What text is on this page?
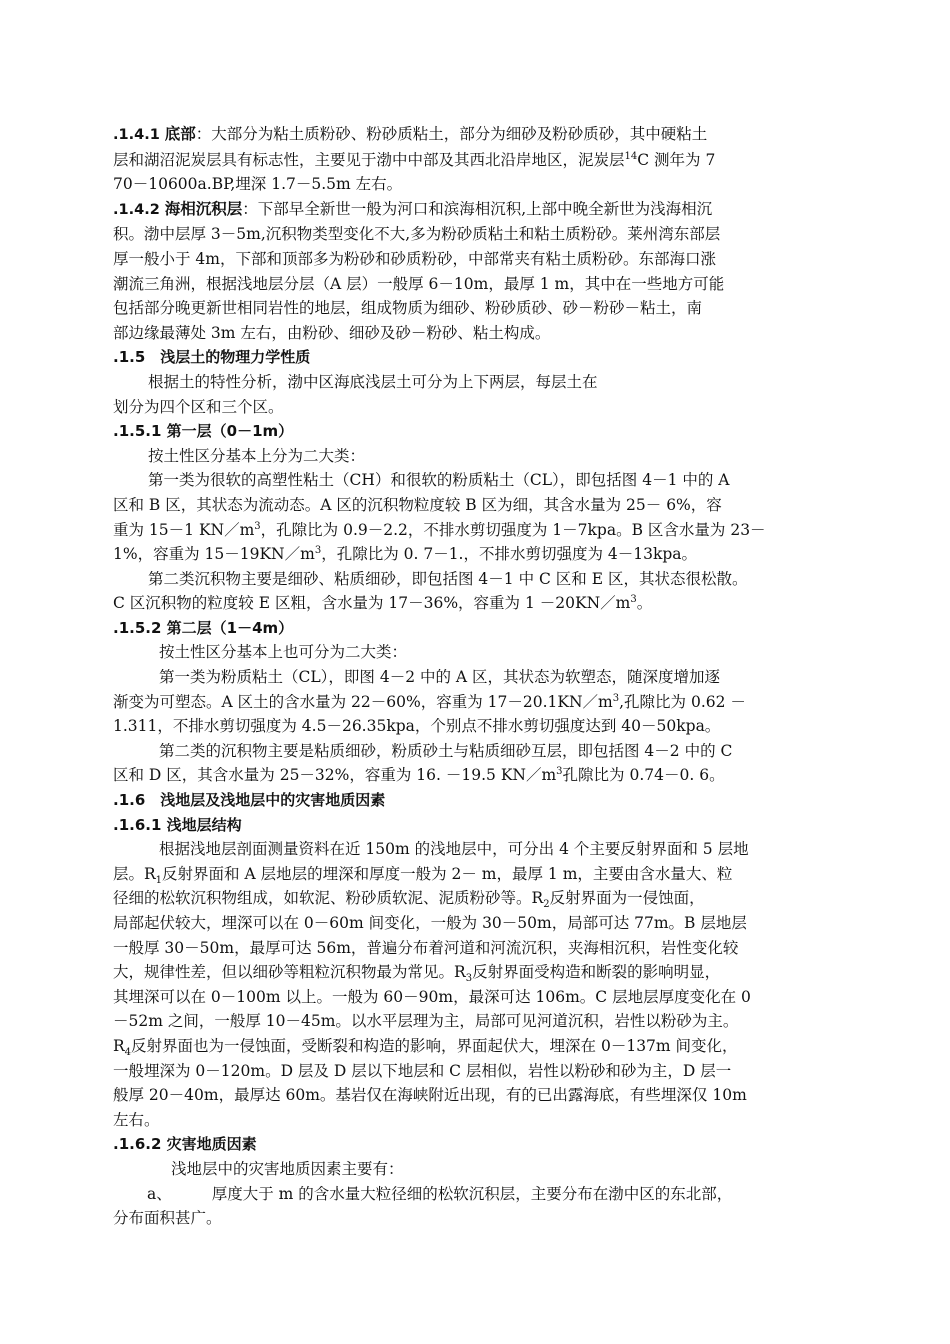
.1.4.1 底部：大部分为粘土质粉砂、粉砂质粘土，部分为细砂及粉砂质砂，其中硬粘土

层和湖沼泥炭层具有标志性，主要见于渤中中部及其西北沿岸地区，泥炭层$^{14}$C 测年为 7

70－10600a.BP,埋深 1.7－5.5m 左右。

.1.4.2 海相沉积层：下部早全新世一般为河口和滨海相沉积,上部中晚全新世为浅海相沉

积。渤中层厚 3－5m,沉积物类型变化不大,多为粉砂质粘土和粘土质粉砂。莱州湾东部层

厚一般小于 4m，下部和顶部多为粉砂和砂质粉砂，中部常夹有粘土质粉砂。东部海口涨

潮流三角洲，根据浅地层分层（A 层）一般厚 6－10m，最厚 1 m，其中在一些地方可能

包括部分晚更新世相同岩性的地层，组成物质为细砂、粉砂质砂、砂－粉砂－粘土，南

部边缘最薄处 3m 左右，由粉砂、细砂及砂－粉砂、粘土构成。

.1.5　浅层土的物理力学性质

根据土的特性分析，渤中区海底浅层土可分为上下两层，每层土在

划分为四个区和三个区。

.1.5.1 第一层（0－1m）

按土性区分基本上分为二大类：

第一类为很软的高塑性粘土（CH）和很软的粉质粘土（CL），即包括图 4－1 中的 A

区和 B 区，其状态为流动态。A 区的沉积物粒度较 B 区为细，其含水量为 25－ 6%，容

重为 15－1 $KN/m^3$，孔隙比为 0.9－2.2，不排水剪切强度为 1－7kpa。B 区含水量为 23－

1%，容重为 $15-19KN/m^3$，孔隙比为 0. 7－1.，不排水剪切强度为 4－13kpa。

第二类沉积物主要是细砂、粘质细砂，即包括图 4－1 中 C 区和 E 区，其状态很松散。

C 区沉积物的粒度较 E 区粗，含水量为 17－36%，容重为 $1 -20KN/m^3$。

.1.5.2 第二层（1－4m）

按土性区分基本上也可分为二大类：

第一类为粉质粘土（CL），即图 4－2 中的 A 区，其状态为软塑态，随深度增加逐

渐变为可塑态。A 区土的含水量为 22－60%，容重为 $17-20.1KN/m^3$,孔隙比为 0.62 －

1.311，不排水剪切强度为 4.5－26.35kpa，个别点不排水剪切强度达到 40－50kpa。

第二类的沉积物主要是粘质细砂，粉质砂土与粘质细砂互层，即包括图 4－2 中的 C

区和 D 区，其含水量为 25－32%，容重为 16. －19.5 $KN/m^3$孔隙比为 0.74－0. 6。

.1.6　浅地层及浅地层中的灾害地质因素

.1.6.1 浅地层结构

根据浅地层剖面测量资料在近 150m 的浅地层中，可分出 4 个主要反射界面和 5 层地

层。$R_1$反射界面和 A 层地层的埋深和厚度一般为 2－ m，最厚 1 m，主要由含水量大、粒

径细的松软沉积物组成，如软泥、粉砂质软泥、泥质粉砂等。$R_2$反射界面为一侵蚀面，

局部起伏较大，埋深可以在 0－60m 间变化，一般为 30－50m，局部可达 77m。B 层地层

一般厚 30－50m，最厚可达 56m，普遍分布着河道和河流沉积，夹海相沉积，岩性变化较

大，规律性差，但以细砂等粗粒沉积物最为常见。$R_3$反射界面受构造和断裂的影响明显，

其埋深可以在 0－100m 以上。一般为 60－90m，最深可达 106m。C 层地层厚度变化在 0

－52m 之间，一般厚 10－45m。以水平层理为主，局部可见河道沉积，岩性以粉砂为主。

$R_4$反射界面也为一侵蚀面，受断裂和构造的影响，界面起伏大，埋深在 0－137m 间变化，

一般埋深为 0－120m。D 层及 D 层以下地层和 C 层相似，岩性以粉砂和砂为主，D 层一

般厚 20－40m，最厚达 60m。基岩仅在海峡附近出现，有的已出露海底，有些埋深仅 10m

左右。

.1.6.2 灾害地质因素

浅地层中的灾害地质因素主要有：

a、	厚度大于 m 的含水量大粒径细的松软沉积层，主要分布在渤中区的东北部，

分布面积甚广。
